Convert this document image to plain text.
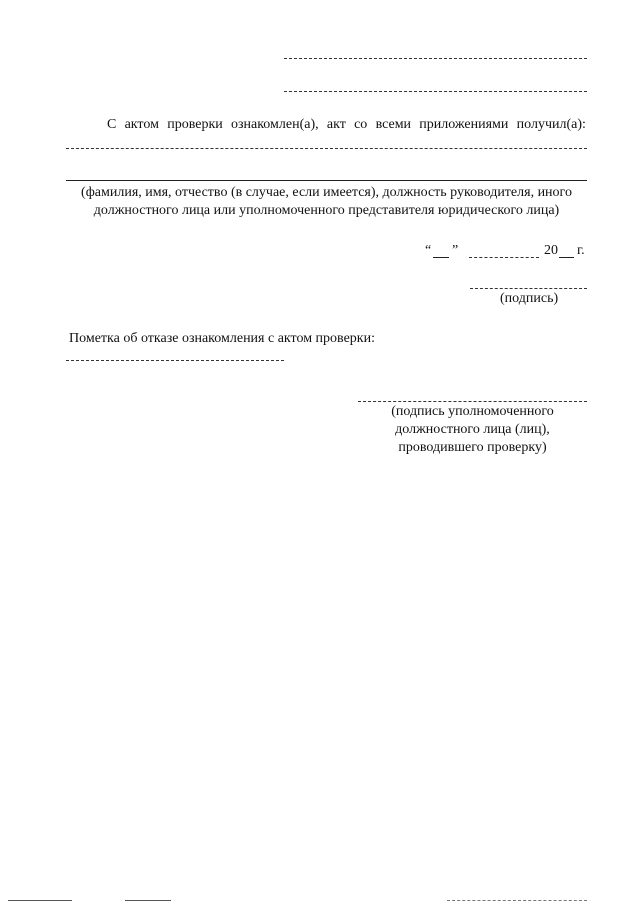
С актом проверки ознакомлен(а), акт со всеми приложениями получил(а):
(фамилия, имя, отчество (в случае, если имеется), должность руководителя, иного
должностного лица или уполномоченного представителя юридического лица)
“ ”	20 г.
(подпись)
Пометка об отказе ознакомления с актом проверки:
(подпись уполномоченного
должностного лица (лиц),
проводившего проверку)
